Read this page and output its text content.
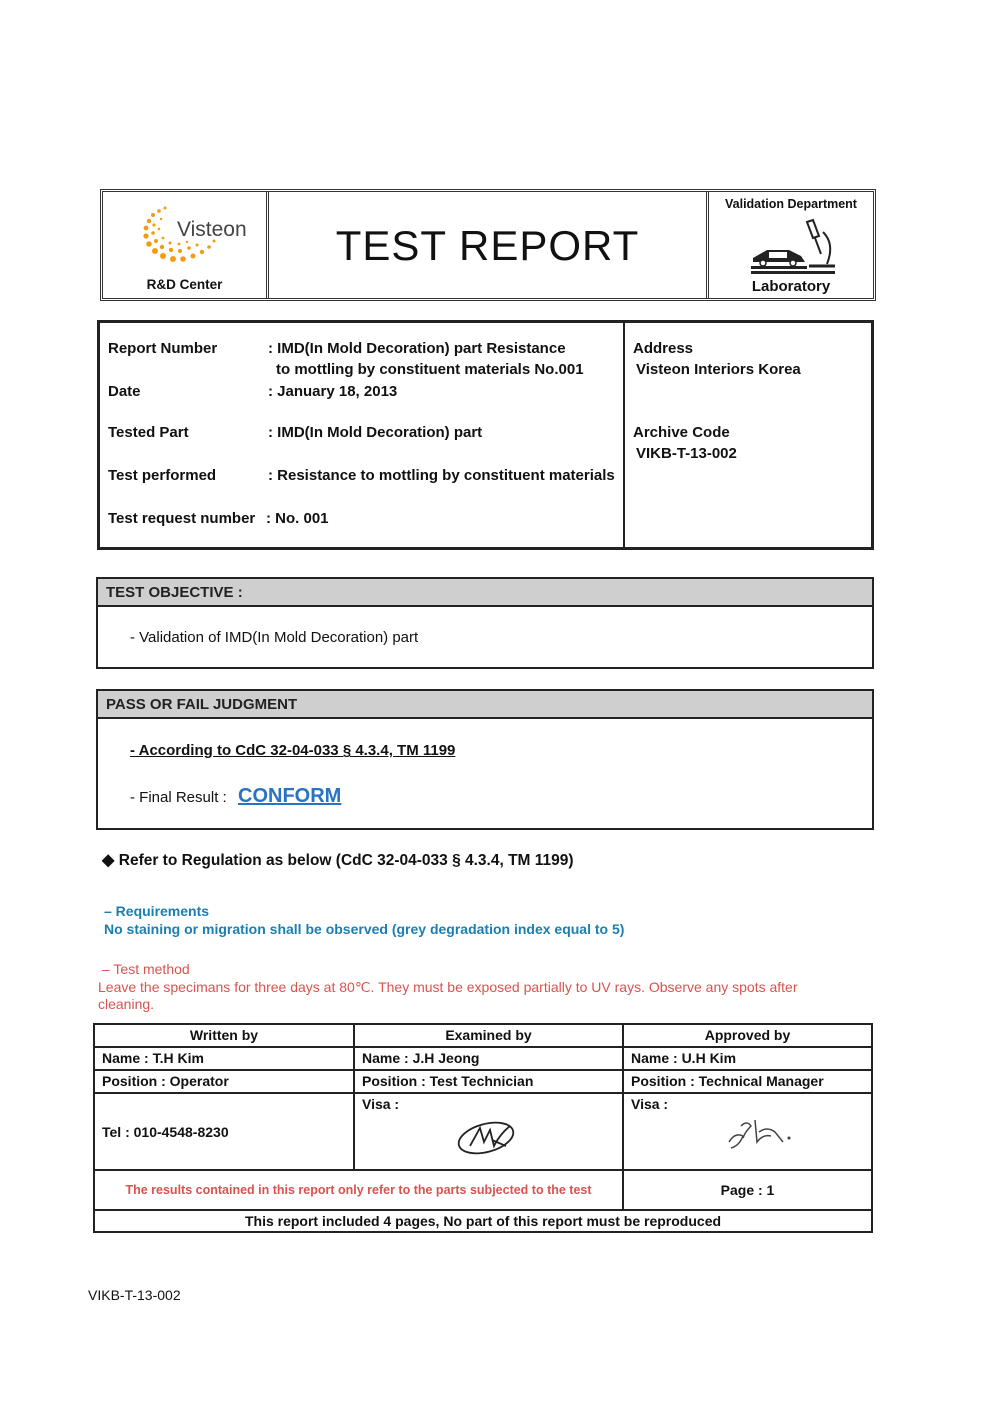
Visteon
R&D Center
TEST REPORT
Validation Department
Laboratory
Report Number	: IMD(In Mold Decoration) part Resistance
to mottling by constituent materials No.001
Date	: January 18, 2013
Tested Part	: IMD(In Mold Decoration) part
Test performed	: Resistance to mottling by constituent materials
Test request number : No. 001
Address
Visteon Interiors Korea
Archive Code
VIKB-T-13-002
TEST OBJECTIVE :
- Validation of IMD(In Mold Decoration) part
PASS OR FAIL JUDGMENT
- According to CdC 32-04-033 § 4.3.4, TM 1199
- Final Result : CONFORM
◆ Refer to Regulation as below (CdC 32-04-033 § 4.3.4, TM 1199)
– Requirements
No staining or migration shall be observed (grey degradation index equal to 5)
– Test method
Leave the specimans for three days at 80℃. They must be exposed partially to UV rays. Observe any spots after
cleaning.
Written by	Examined by	Approved by
Name : T.H Kim	Name : J.H Jeong	Name : U.H Kim
Position : Operator	Position : Test Technician	Position : Technical Manager
Tel : 010-4548-8230	Visa :	Visa :

The results contained in this report only refer to the parts subjected to the test		Page : 1
This report included 4 pages, No part of this report must be reproduced		
VIKB-T-13-002
